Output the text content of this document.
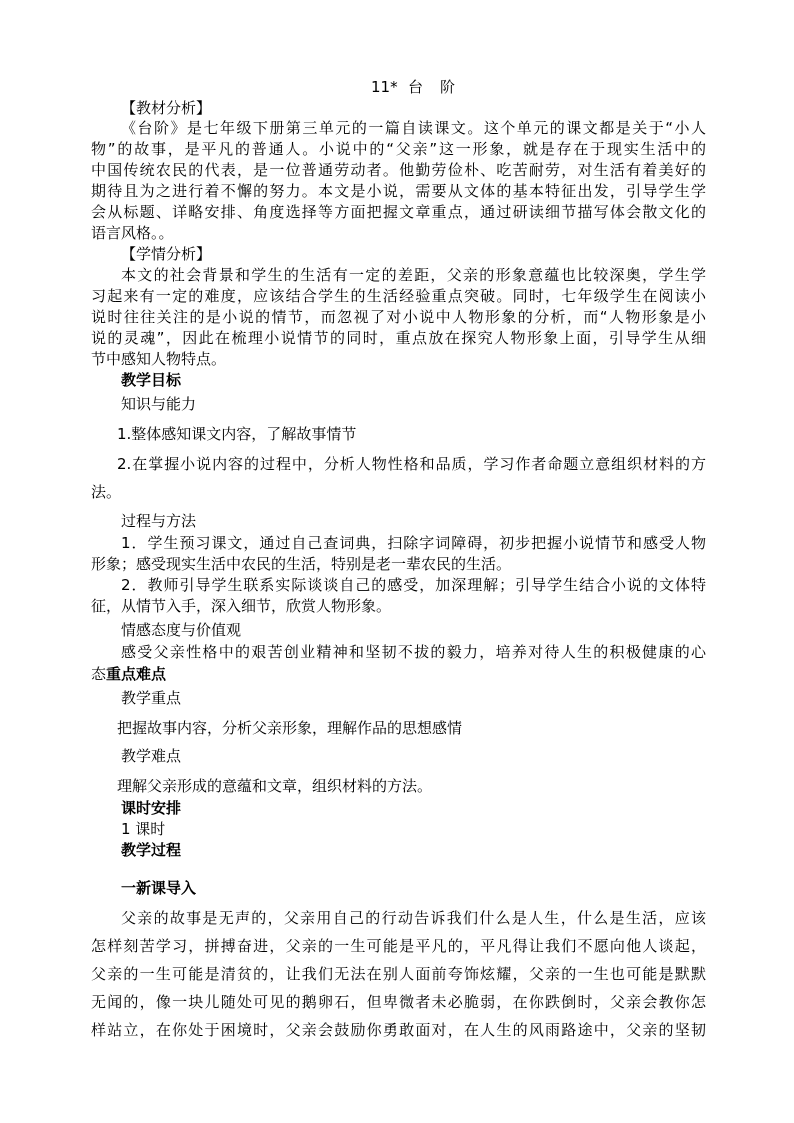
11* 台 阶
【教材分析】
《台阶》是七年级下册第三单元的一篇自读课文。这个单元的课文都是关于“小人
物”的故事，是平凡的普通人。小说中的“父亲”这一形象，就是存在于现实生活中的
中国传统农民的代表，是一位普通劳动者。他勤劳俭朴、吃苦耐劳，对生活有着美好的
期待且为之进行着不懈的努力。本文是小说，需要从文体的基本特征出发，引导学生学
会从标题、详略安排、角度选择等方面把握文章重点，通过研读细节描写体会散文化的
语言风格。。
【学情分析】
本文的社会背景和学生的生活有一定的差距，父亲的形象意蕴也比较深奥，学生学
习起来有一定的难度，应该结合学生的生活经验重点突破。同时，七年级学生在阅读小
说时往往关注的是小说的情节，而忽视了对小说中人物形象的分析，而“人物形象是小
说的灵魂”，因此在梳理小说情节的同时，重点放在探究人物形象上面，引导学生从细
节中感知人物特点。
教学目标
知识与能力
1.整体感知课文内容，了解故事情节
2.在掌握小说内容的过程中，分析人物性格和品质，学习作者命题立意组织材料的方
法。
过程与方法
1．学生预习课文，通过自己查词典，扫除字词障碍，初步把握小说情节和感受人物
形象；感受现实生活中农民的生活，特别是老一辈农民的生活。
2．教师引导学生联系实际谈谈自己的感受，加深理解；引导学生结合小说的文体特
征，从情节入手，深入细节，欣赏人物形象。
情感态度与价值观
感受父亲性格中的艰苦创业精神和坚韧不拔的毅力，培养对待人生的积极健康的心
态重点难点
教学重点
把握故事内容，分析父亲形象，理解作品的思想感情
教学难点
理解父亲形成的意蕴和文章，组织材料的方法。
课时安排
1 课时
教学过程
一新课导入
父亲的故事是无声的，父亲用自己的行动告诉我们什么是人生，什么是生活，应该
怎样刻苦学习，拼搏奋进，父亲的一生可能是平凡的，平凡得让我们不愿向他人谈起，
父亲的一生可能是清贫的，让我们无法在别人面前夸饰炫耀，父亲的一生也可能是默默
无闻的，像一块儿随处可见的鹅卵石，但卑微者未必脆弱，在你跌倒时，父亲会教你怎
样站立，在你处于困境时，父亲会鼓励你勇敢面对，在人生的风雨路途中，父亲的坚韧
